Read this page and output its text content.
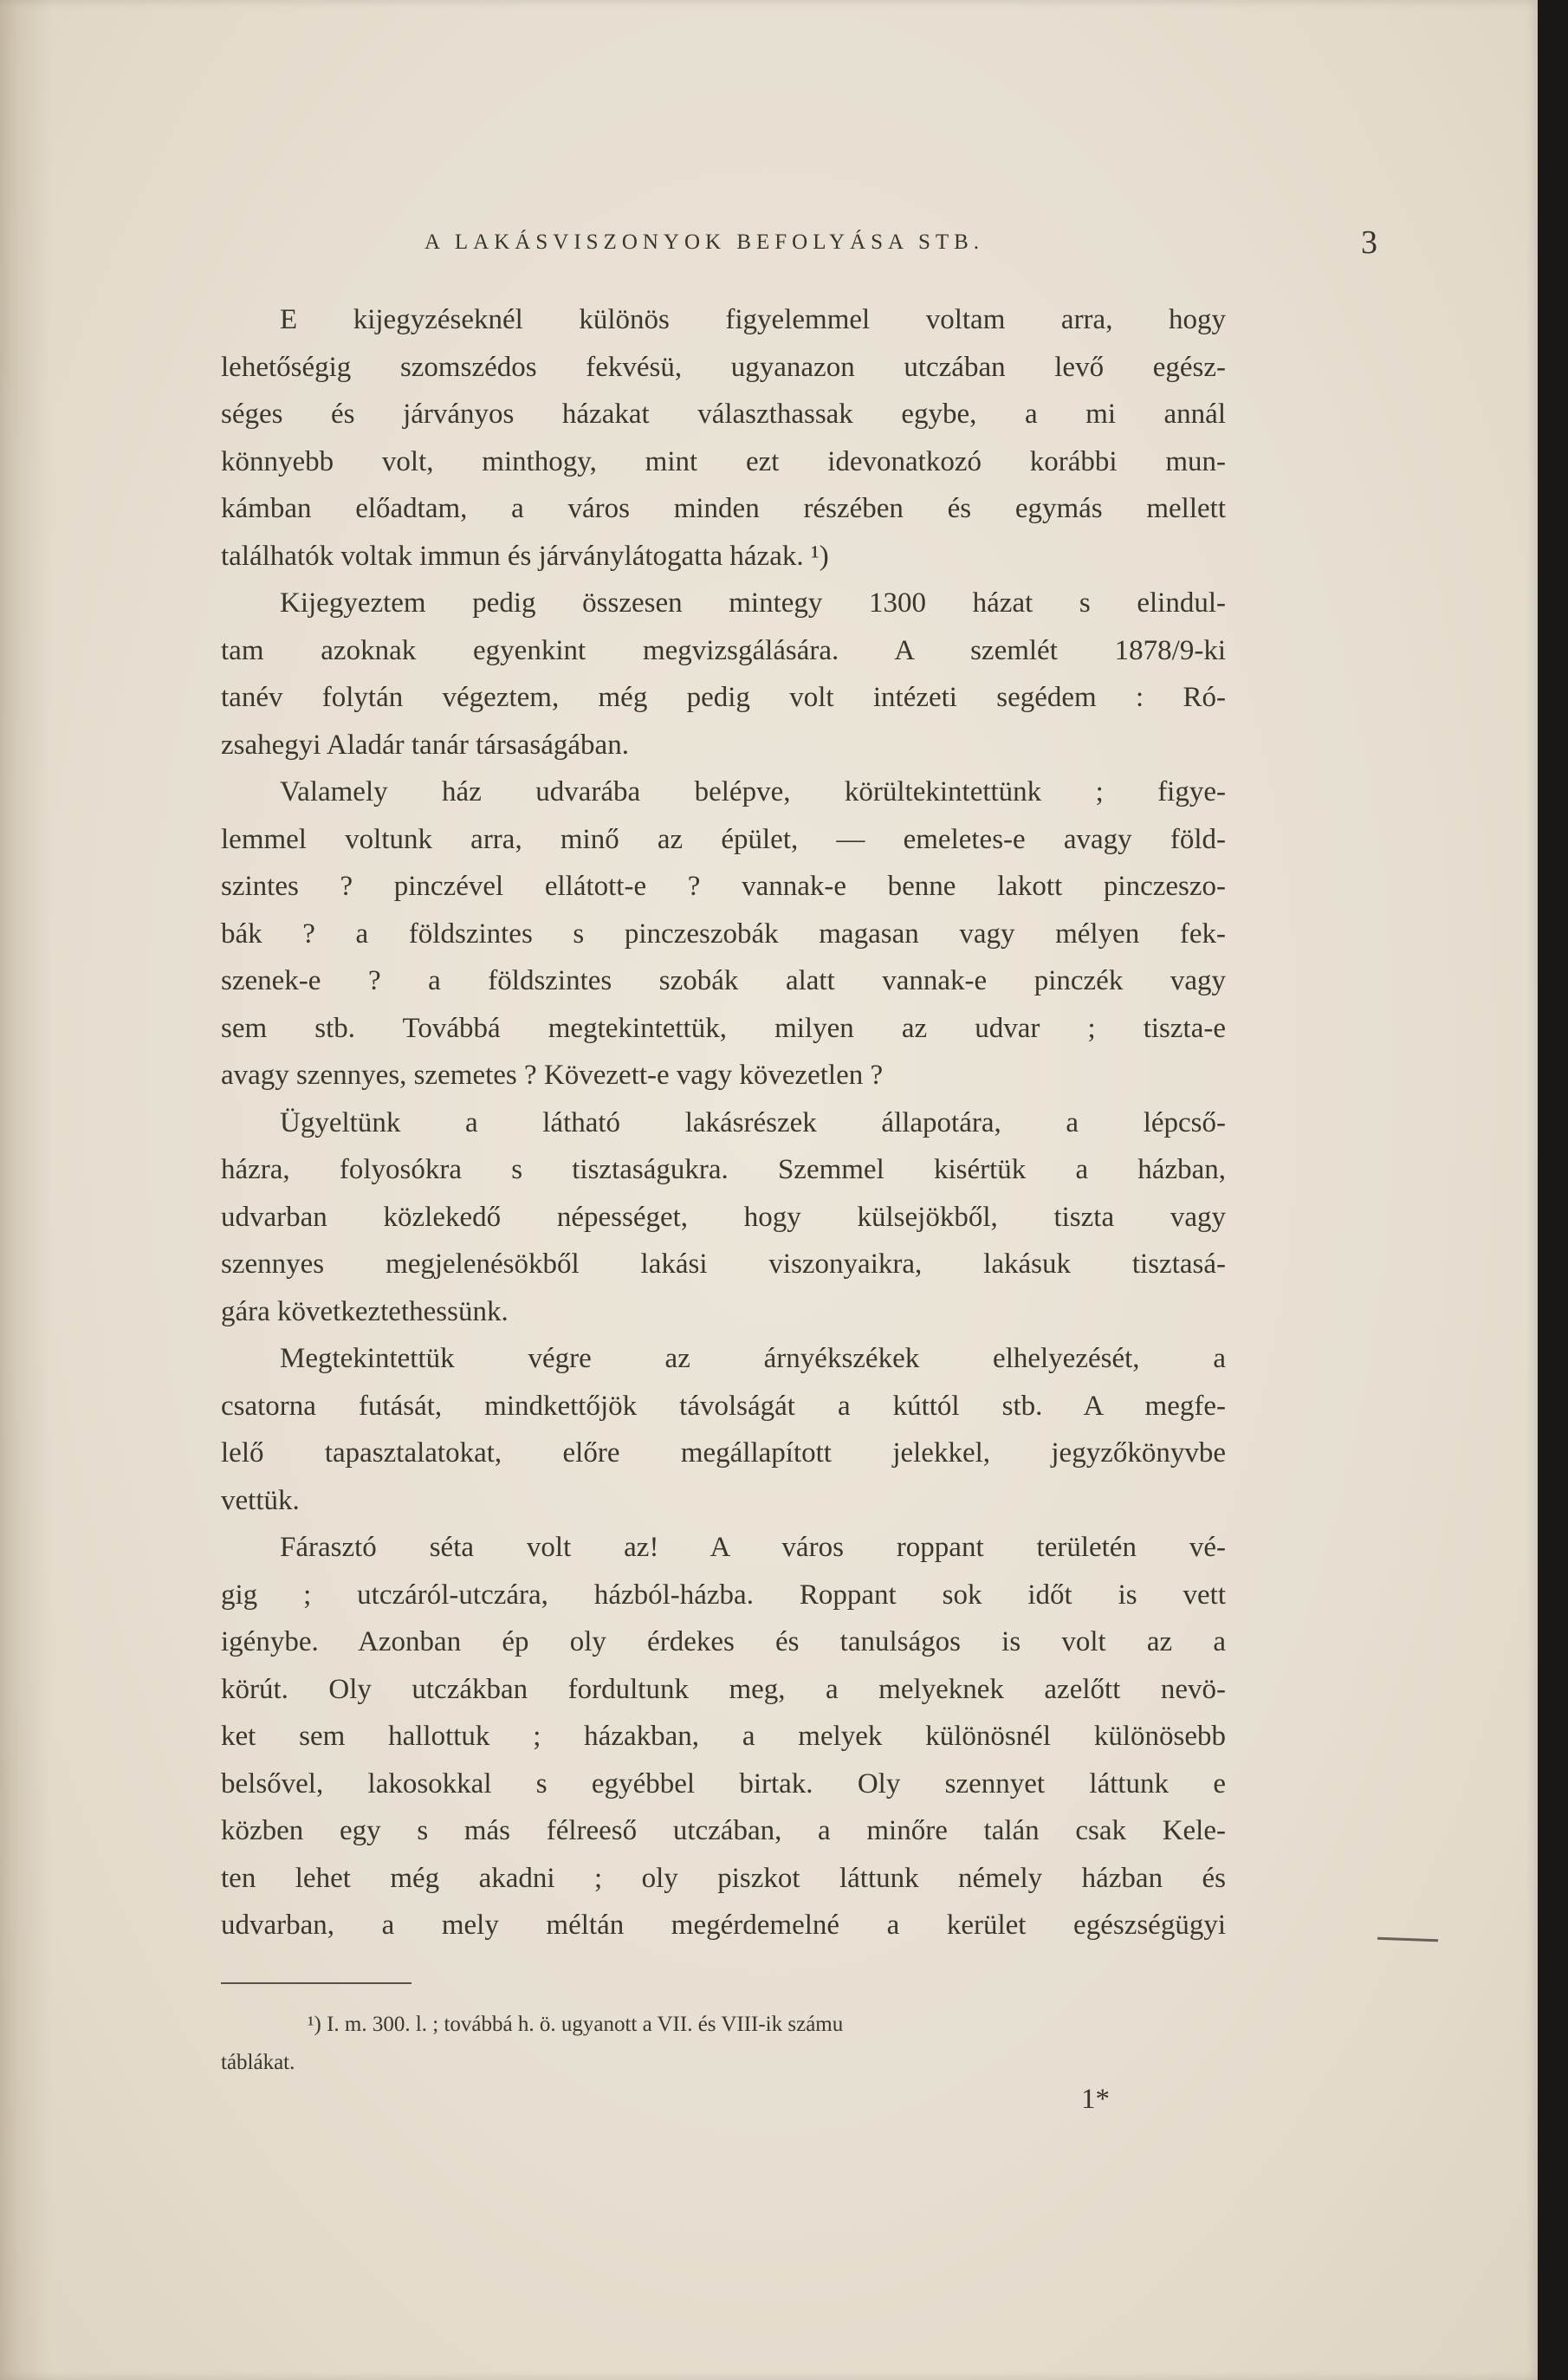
A LAKÁSVISZONYOK BEFOLYÁSA STB.	3

E kijegyzéseknél különös figyelemmel voltam arra, hogy
lehetőségig szomszédos fekvésü, ugyanazon utczában levő egész-
séges és járványos házakat választhassak egybe, a mi annál
könnyebb volt, minthogy, mint ezt idevonatkozó korábbi mun-
kámban előadtam, a város minden részében és egymás mellett

találhatók voltak immun és járványlátogatta házak. ¹)

Kijegyeztem pedig összesen mintegy 1300 házat s elindul-
tam azoknak egyenkint megvizsgálására. A szemlét 1878/9-ki
tanév folytán végeztem, még pedig volt intézeti segédem : Ró-

zsahegyi Aladár tanár társaságában.

Valamely ház udvarába belépve, körültekintettünk ; figye-
lemmel voltunk arra, minő az épület, — emeletes-e avagy föld-
szintes ? pinczével ellátott-e ? vannak-e benne lakott pinczeszo-
bák ? a földszintes s pinczeszobák magasan vagy mélyen fek-
szenek-e ? a földszintes szobák alatt vannak-e pinczék vagy
sem stb. Továbbá megtekintettük, milyen az udvar ; tiszta-e

avagy szennyes, szemetes ? Kövezett-e vagy kövezetlen ?

Ügyeltünk a látható lakásrészek állapotára, a lépcső-
házra, folyosókra s tisztaságukra. Szemmel kisértük a házban,
udvarban közlekedő népességet, hogy külsejökből, tiszta vagy
szennyes megjelenésökből lakási viszonyaikra, lakásuk tisztasá-

gára következtethessünk.

Megtekintettük végre az árnyékszékek elhelyezését, a
csatorna futását, mindkettőjök távolságát a kúttól stb. A megfe-
lelő tapasztalatokat, előre megállapított jelekkel, jegyzőkönyvbe

vettük.

Fárasztó séta volt az! A város roppant területén vé-
gig ; utczáról-utczára, házból-házba. Roppant sok időt is vett
igénybe. Azonban ép oly érdekes és tanulságos is volt az a
körút. Oly utczákban fordultunk meg, a melyeknek azelőtt nevö-
ket sem hallottuk ; házakban, a melyek különösnél különösebb
belsővel, lakosokkal s egyébbel birtak. Oly szennyet láttunk e
közben egy s más félreeső utczában, a minőre talán csak Kele-
ten lehet még akadni ; oly piszkot láttunk némely házban és
udvarban, a mely méltán megérdemelné a kerület egészségügyi

¹) I. m. 300. l. ; továbbá h. ö. ugyanott a VII. és VIII-ik számu

táblákat.

1*
